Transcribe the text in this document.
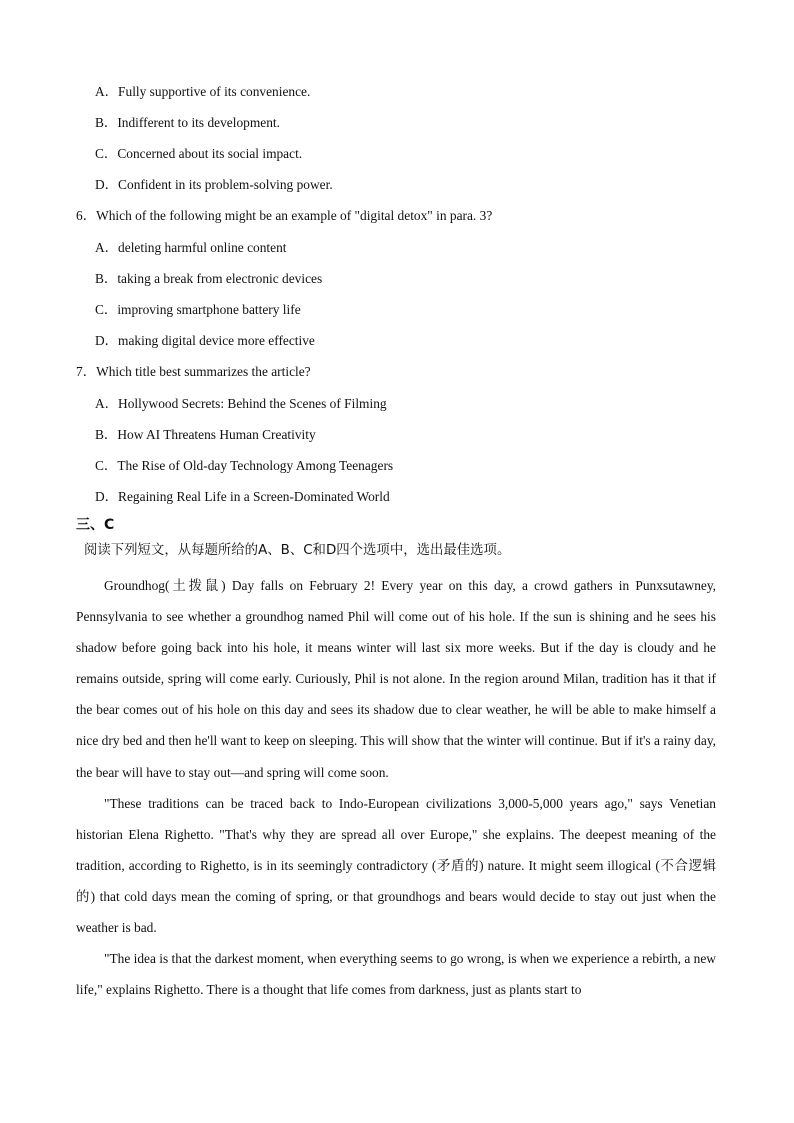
A．Fully supportive of its convenience.
B．Indifferent to its development.
C．Concerned about its social impact.
D．Confident in its problem-solving power.
6．Which of the following might be an example of "digital detox" in para. 3?
A．deleting harmful online content
B．taking a break from electronic devices
C．improving smartphone battery life
D．making digital device more effective
7．Which title best summarizes the article?
A．Hollywood Secrets: Behind the Scenes of Filming
B．How AI Threatens Human Creativity
C．The Rise of Old-day Technology Among Teenagers
D．Regaining Real Life in a Screen-Dominated World
三、C
阅读下列短文，从每题所给的A、B、C和D四个选项中，选出最佳选项。

Groundhog(土拨鼠) Day falls on February 2! Every year on this day, a crowd gathers in Punxsutawney, Pennsylvania to see whether a groundhog named Phil will come out of his hole. If the sun is shining and he sees his shadow before going back into his hole, it means winter will last six more weeks. But if the day is cloudy and he remains outside, spring will come early. Curiously, Phil is not alone. In the region around Milan, tradition has it that if the bear comes out of his hole on this day and sees its shadow due to clear weather, he will be able to make himself a nice dry bed and then he'll want to keep on sleeping. This will show that the winter will continue. But if it's a rainy day, the bear will have to stay out—and spring will come soon.

"These traditions can be traced back to Indo-European civilizations 3,000-5,000 years ago," says Venetian historian Elena Righetto. "That's why they are spread all over Europe," she explains. The deepest meaning of the tradition, according to Righetto, is in its seemingly contradictory (矛盾的) nature. It might seem illogical (不合逻辑的) that cold days mean the coming of spring, or that groundhogs and bears would decide to stay out just when the weather is bad.

"The idea is that the darkest moment, when everything seems to go wrong, is when we experience a rebirth, a new life," explains Righetto. There is a thought that life comes from darkness, just as plants start to
